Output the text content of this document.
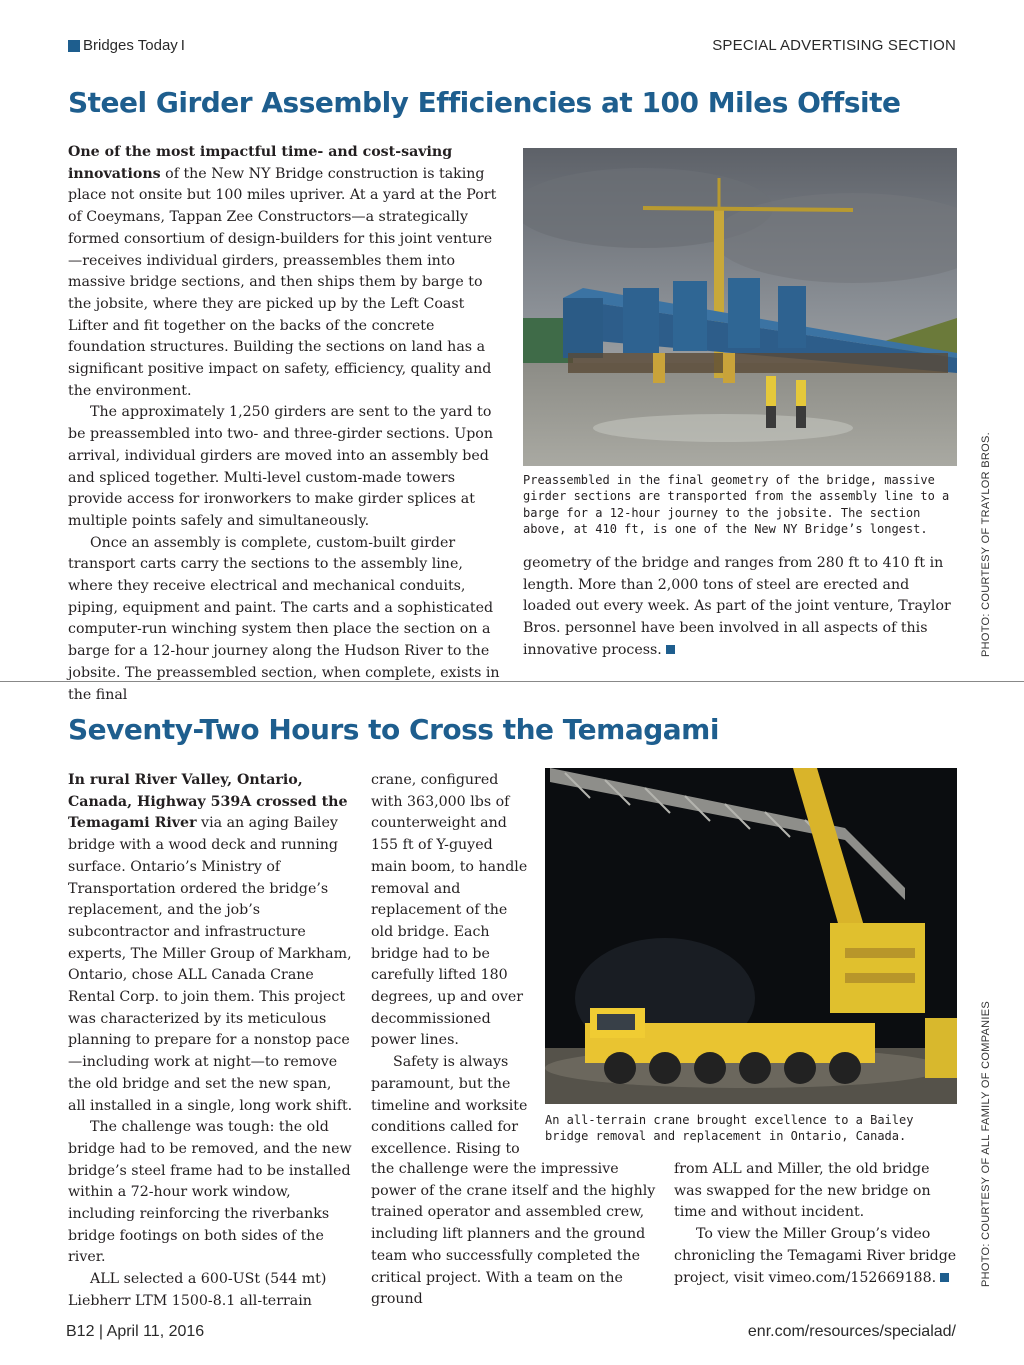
Bridges Today I	SPECIAL ADVERTISING SECTION
Steel Girder Assembly Efficiencies at 100 Miles Offsite

One of the most impactful time- and cost-saving innovations of the New NY Bridge construction is taking place not onsite but 100 miles upriver. At a yard at the Port of Coeymans, Tappan Zee Constructors—a strategically formed consortium of design-builders for this joint venture—receives individual girders, preassembles them into massive bridge sections, and then ships them by barge to the jobsite, where they are picked up by the Left Coast Lifter and fit together on the backs of the concrete foundation structures. Building the sections on land has a significant positive impact on safety, efficiency, quality and the environment.

The approximately 1,250 girders are sent to the yard to be preassembled into two- and three-girder sections. Upon arrival, individual girders are moved into an assembly bed and spliced together. Multi-level custom-made towers provide access for ironworkers to make girder splices at multiple points safely and simultaneously.

Once an assembly is complete, custom-built girder transport carts carry the sections to the assembly line, where they receive electrical and mechanical conduits, piping, equipment and paint. The carts and a sophisticated computer-run winching system then place the section on a barge for a 12-hour journey along the Hudson River to the jobsite. The preassembled section, when complete, exists in the final

Preassembled in the final geometry of the bridge, massive girder sections are transported from the assembly line to a barge for a 12-hour journey to the jobsite. The section above, at 410 ft, is one of the New NY Bridge’s longest.

geometry of the bridge and ranges from 280 ft to 410 ft in length. More than 2,000 tons of steel are erected and loaded out every week. As part of the joint venture, Traylor Bros. personnel have been involved in all aspects of this innovative process.	PHOTO: COURTESY OF TRAYLOR BROS.
Seventy-Two Hours to Cross the Temagami

In rural River Valley, Ontario, Canada, Highway 539A crossed the Temagami River via an aging Bailey bridge with a wood deck and running surface. Ontario’s Ministry of Transportation ordered the bridge’s replacement, and the job’s subcontractor and infrastructure experts, The Miller Group of Markham, Ontario, chose ALL Canada Crane Rental Corp. to join them. This project was characterized by its meticulous planning to prepare for a nonstop pace—including work at night—to remove the old bridge and set the new span, all installed in a single, long work shift.

The challenge was tough: the old bridge had to be removed, and the new bridge’s steel frame had to be installed within a 72-hour work window, including reinforcing the riverbanks bridge footings on both sides of the river.

ALL selected a 600-USt (544 mt) Liebherr LTM 1500-8.1 all-terrain

crane, configured with 363,000 lbs of counterweight and 155 ft of Y-guyed main boom, to handle removal and replacement of the old bridge. Each bridge had to be carefully lifted 180 degrees, up and over decommissioned power lines.

Safety is always paramount, but the timeline and worksite conditions called for excellence. Rising to

An all-terrain crane brought excellence to a Bailey bridge removal and replacement in Ontario, Canada.

the challenge were the impressive power of the crane itself and the highly trained operator and assembled crew, including lift planners and the ground team who successfully completed the critical project. With a team on the ground

from ALL and Miller, the old bridge was swapped for the new bridge on time and without incident.

To view the Miller Group’s video chronicling the Temagami River bridge project, visit vimeo.com/152669188.	PHOTO: COURTESY OF ALL FAMILY OF COMPANIES
B12 | April 11, 2016	enr.com/resources/specialad/
